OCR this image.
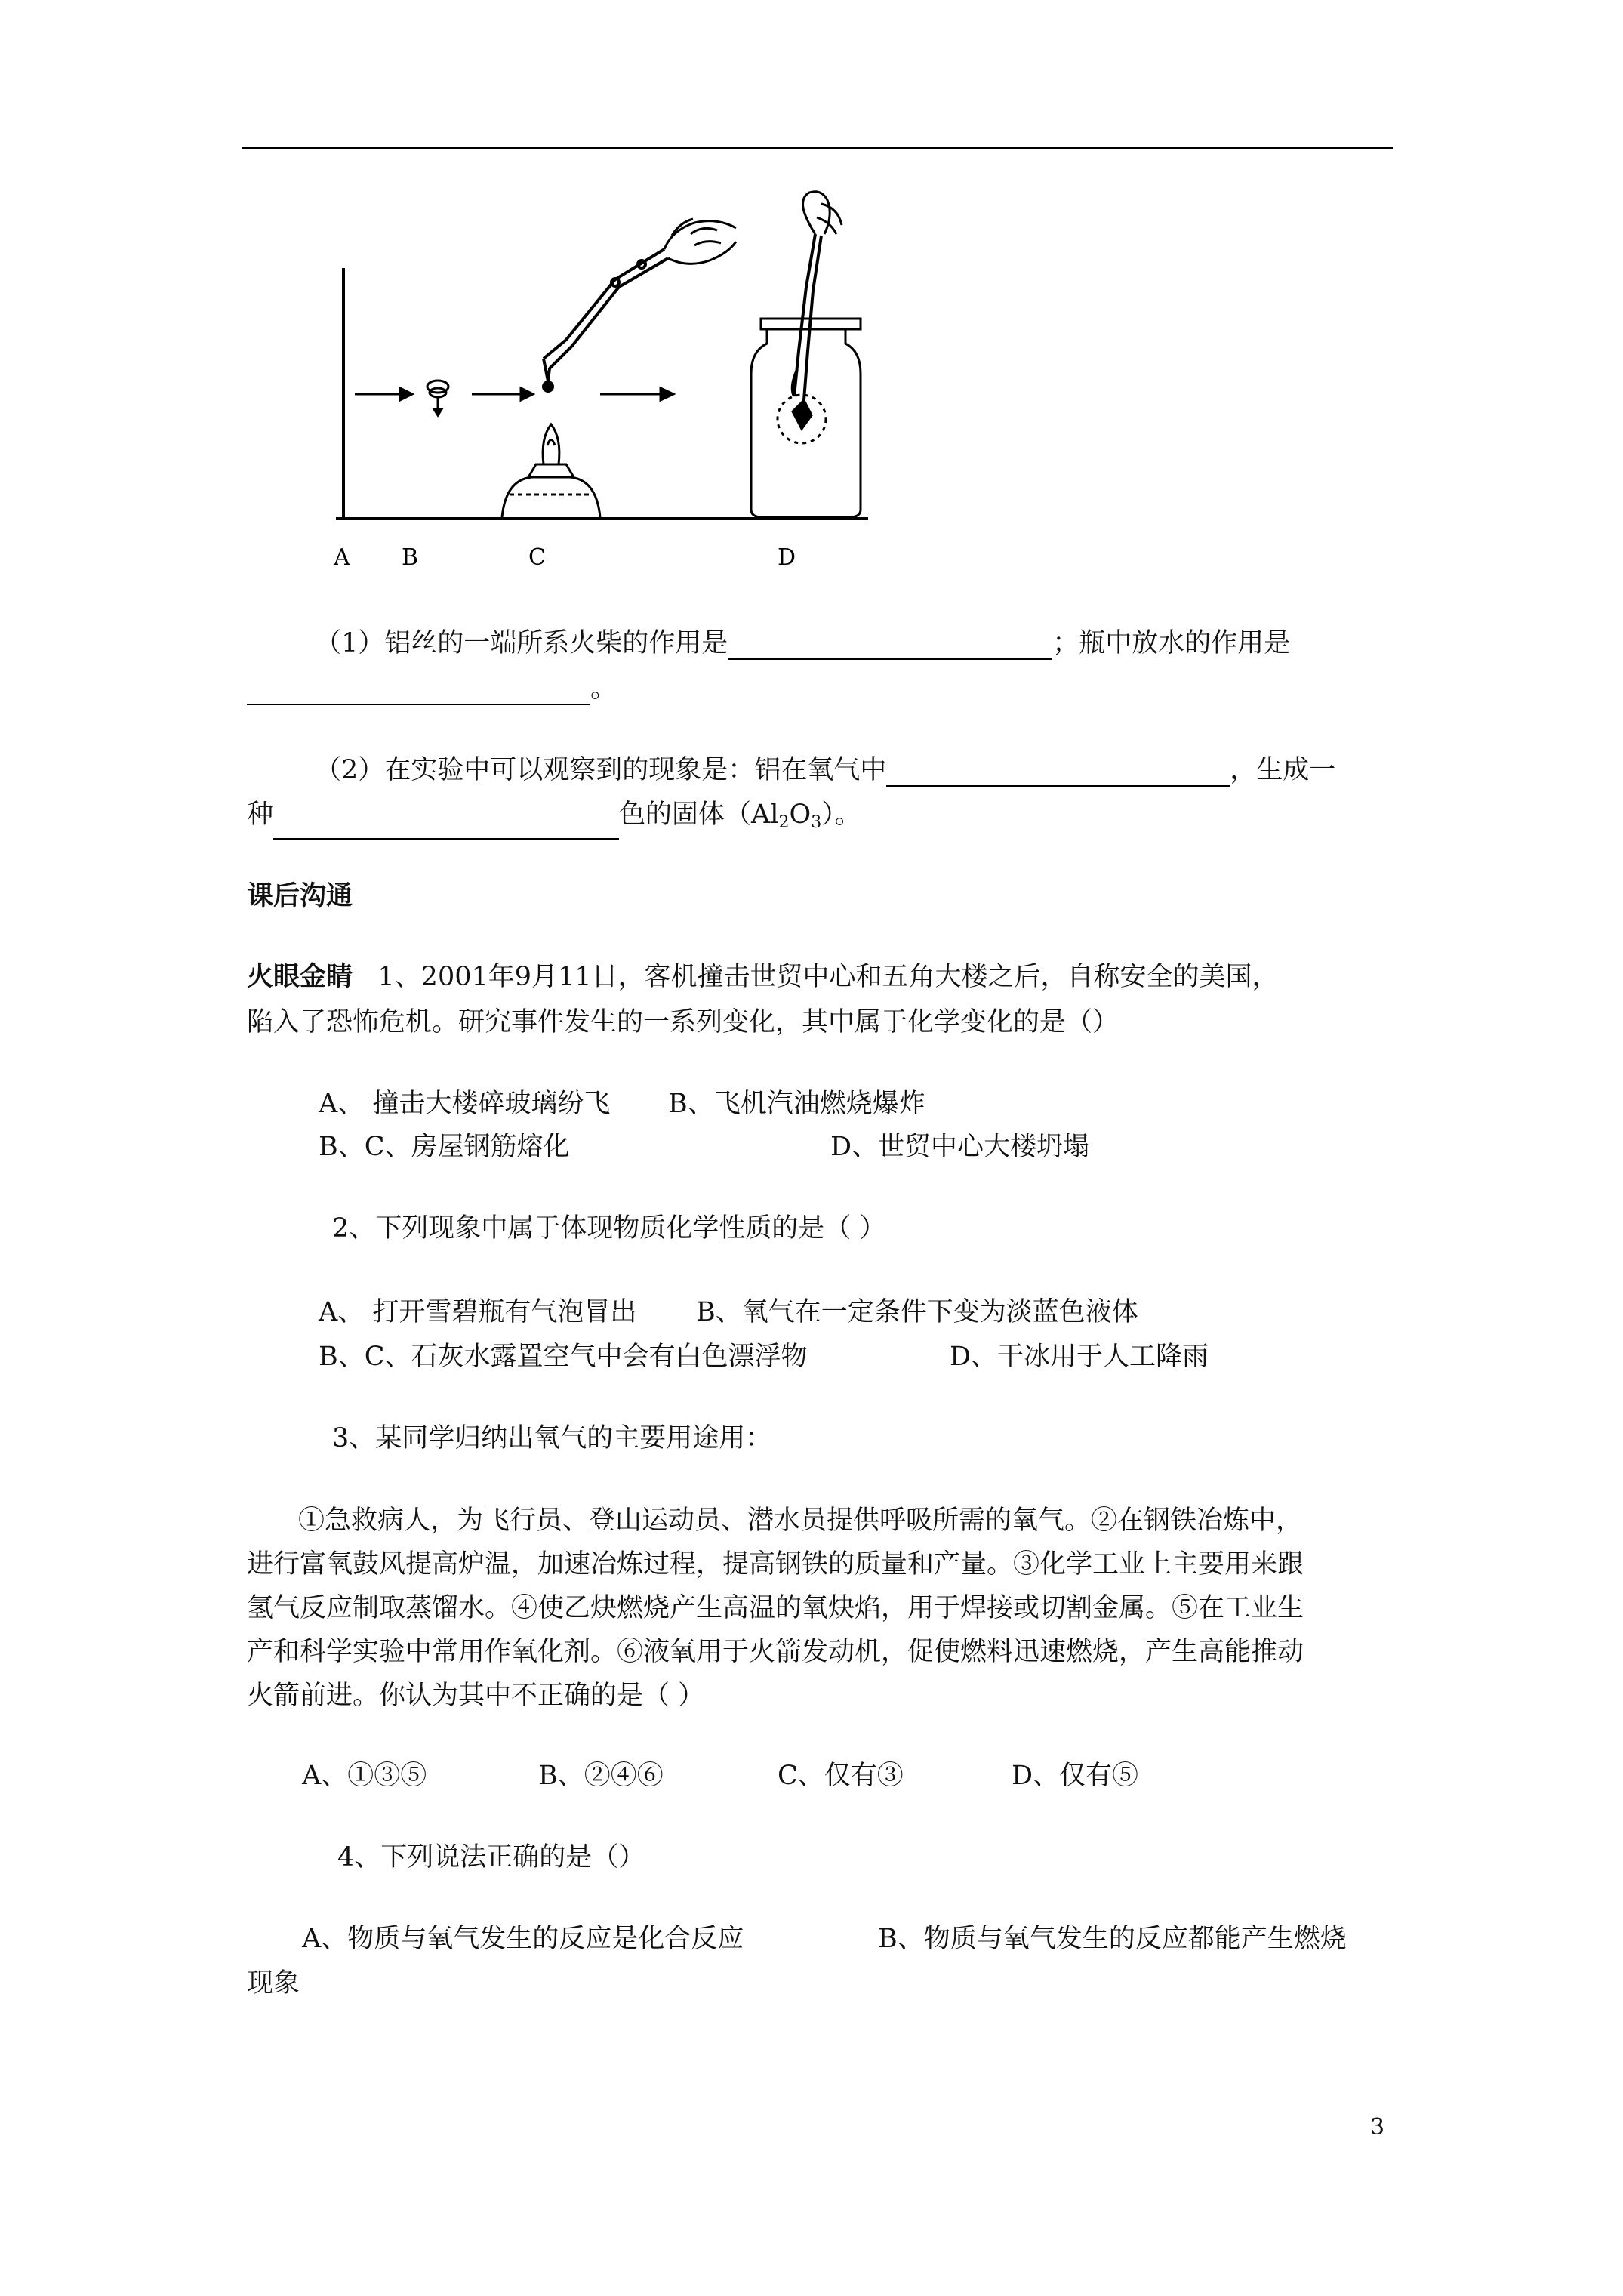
A B	C	D
（1）铝丝的一端所系火柴的作用是	；瓶中放水的作用是
。
（2）在实验中可以观察到的现象是：铝在氧气中	，生成一
种	色的固体$(Al_2O_3)$。
课后沟通
火眼金睛 1、2001年9月11日，客机撞击世贸中心和五角大楼之后，自称安全的美国，
陷入了恐怖危机。研究事件发生的一系列变化，其中属于化学变化的是（）
A、 撞击大楼碎玻璃纷飞 B、飞机汽油燃烧爆炸
B、C、房屋钢筋熔化	D、世贸中心大楼坍塌
2、下列现象中属于体现物质化学性质的是（ ）
A、 打开雪碧瓶有气泡冒出 B、氧气在一定条件下变为淡蓝色液体
B、C、石灰水露置空气中会有白色漂浮物	D、干冰用于人工降雨
3、某同学归纳出氧气的主要用途用：
①急救病人，为飞行员、登山运动员、潜水员提供呼吸所需的氧气。②在钢铁冶炼中，
进行富氧鼓风提高炉温，加速冶炼过程，提高钢铁的质量和产量。③化学工业上主要用来跟
氢气反应制取蒸馏水。④使乙炔燃烧产生高温的氧炔焰，用于焊接或切割金属。⑤在工业生
产和科学实验中常用作氧化剂。⑥液氧用于火箭发动机，促使燃料迅速燃烧，产生高能推动
火箭前进。你认为其中不正确的是（ ）
A、①③⑤	B、②④⑥	C、仅有③	D、仅有⑤
4、下列说法正确的是（）
A、物质与氧气发生的反应是化合反应	B、物质与氧气发生的反应都能产生燃烧
现象
3
